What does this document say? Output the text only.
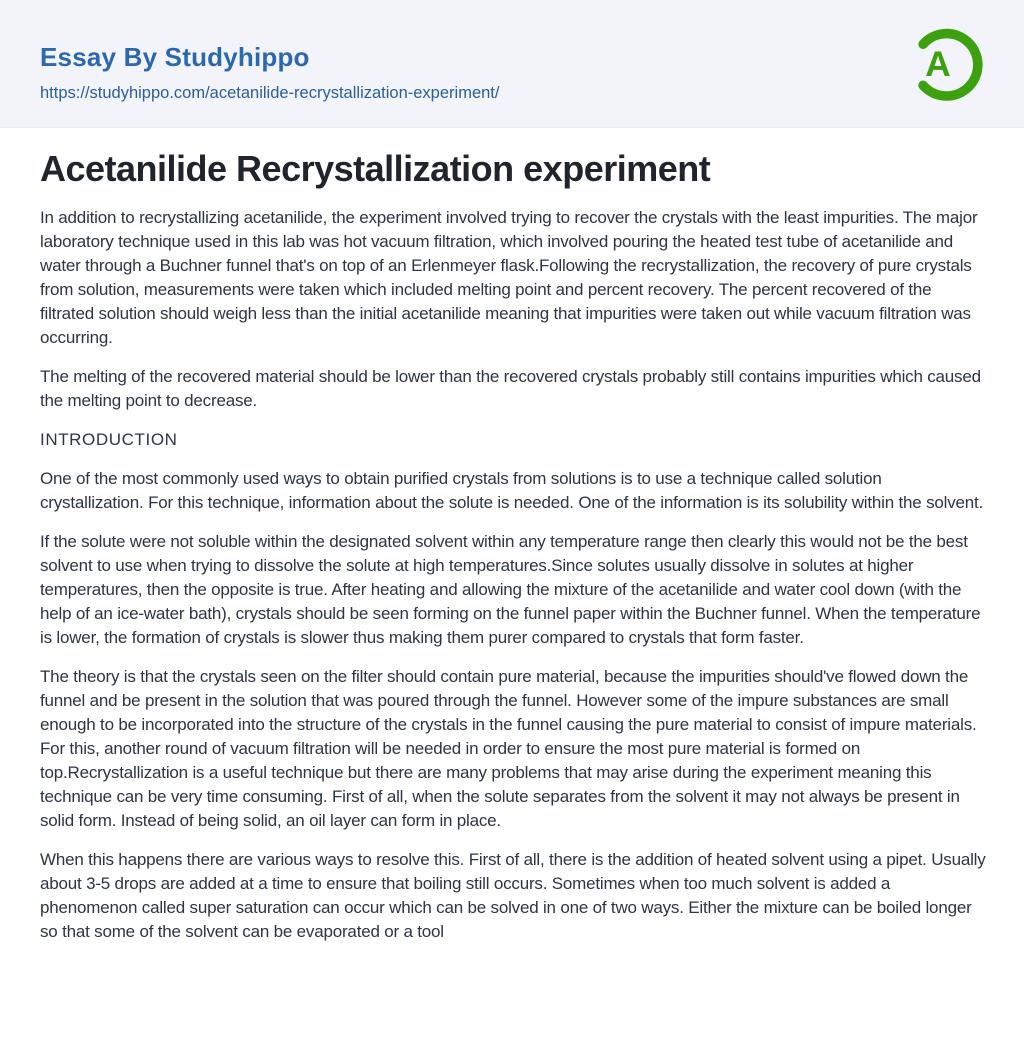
Essay By Studyhippo
https://studyhippo.com/acetanilide-recrystallization-experiment/
A
Acetanilide Recrystallization experiment

In addition to recrystallizing acetanilide, the experiment involved trying to recover the crystals with the least impurities. The major laboratory technique used in this lab was hot vacuum filtration, which involved pouring the heated test tube of acetanilide and water through a Buchner funnel that's on top of an Erlenmeyer flask.Following the recrystallization, the recovery of pure crystals from solution, measurements were taken which included melting point and percent recovery. The percent recovered of the filtrated solution should weigh less than the initial acetanilide meaning that impurities were taken out while vacuum filtration was occurring.

The melting of the recovered material should be lower than the recovered crystals probably still contains impurities which caused the melting point to decrease.

INTRODUCTION

One of the most commonly used ways to obtain purified crystals from solutions is to use a technique called solution crystallization. For this technique, information about the solute is needed. One of the information is its solubility within the solvent.

If the solute were not soluble within the designated solvent within any temperature range then clearly this would not be the best solvent to use when trying to dissolve the solute at high temperatures.Since solutes usually dissolve in solutes at higher temperatures, then the opposite is true. After heating and allowing the mixture of the acetanilide and water cool down (with the help of an ice-water bath), crystals should be seen forming on the funnel paper within the Buchner funnel. When the temperature is lower, the formation of crystals is slower thus making them purer compared to crystals that form faster.

The theory is that the crystals seen on the filter should contain pure material, because the impurities should've flowed down the funnel and be present in the solution that was poured through the funnel. However some of the impure substances are small enough to be incorporated into the structure of the crystals in the funnel causing the pure material to consist of impure materials. For this, another round of vacuum filtration will be needed in order to ensure the most pure material is formed on top.Recrystallization is a useful technique but there are many problems that may arise during the experiment meaning this technique can be very time consuming. First of all, when the solute separates from the solvent it may not always be present in solid form. Instead of being solid, an oil layer can form in place.

When this happens there are various ways to resolve this. First of all, there is the addition of heated solvent using a pipet. Usually about 3-5 drops are added at a time to ensure that boiling still occurs. Sometimes when too much solvent is added a phenomenon called super saturation can occur which can be solved in one of two ways. Either the mixture can be boiled longer so that some of the solvent can be evaporated or a tool
